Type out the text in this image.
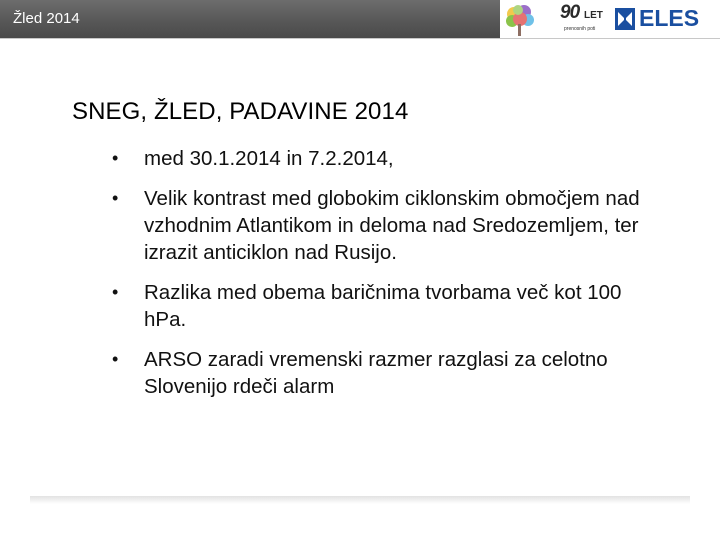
Žled 2014	90 LET
prenosnih poti ELES
SNEG, ŽLED, PADAVINE 2014
• med 30.1.2014 in 7.2.2014,
• Velik kontrast med globokim ciklonskim območjem nad vzhodnim Atlantikom in deloma nad Sredozemljem, ter izrazit anticiklon nad Rusijo.
• Razlika med obema baričnima tvorbama več kot 100 hPa.
• ARSO zaradi vremenski razmer razglasi za celotno Slovenijo rdeči alarm
